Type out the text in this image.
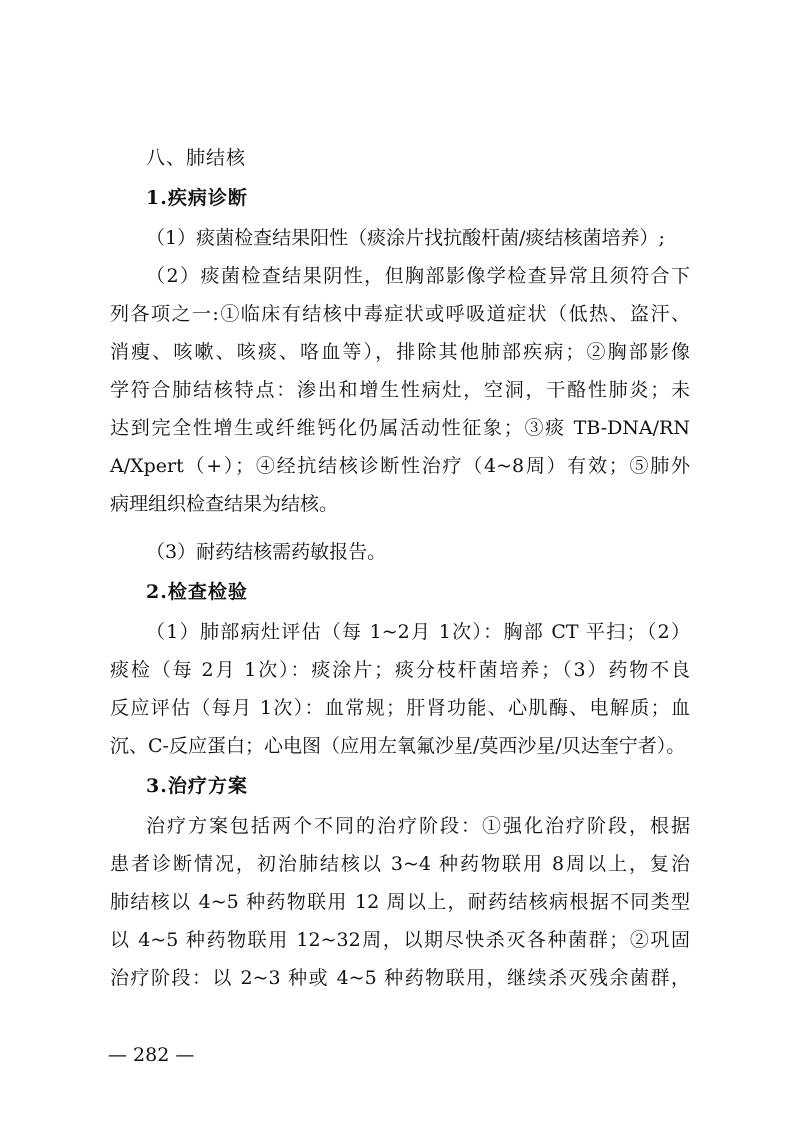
八、肺结核
1.疾病诊断
（1）痰菌检查结果阳性（痰涂片找抗酸杆菌/痰结核菌培养）;
（2）痰菌检查结果阴性，但胸部影像学检查异常且须符合下
列各项之一:①临床有结核中毒症状或呼吸道症状（低热、盗汗、
消瘦、咳嗽、咳痰、咯血等），排除其他肺部疾病；②胸部影像
学符合肺结核特点：渗出和增生性病灶，空洞，干酪性肺炎；未
达到完全性增生或纤维钙化仍属活动性征象；③痰 TB-DNA/RN
A/Xpert（+）；④经抗结核诊断性治疗（4~8周）有效；⑤肺外
病理组织检查结果为结核。
（3）耐药结核需药敏报告。
2.检查检验
（1）肺部病灶评估（每 1~2月 1次）：胸部 CT 平扫；（2）
痰检（每 2月 1次）：痰涂片；痰分枝杆菌培养；（3）药物不良
反应评估（每月 1次）：血常规；肝肾功能、心肌酶、电解质；血
沉、C-反应蛋白；心电图（应用左氧氟沙星/莫西沙星/贝达奎宁者）。
3.治疗方案
治疗方案包括两个不同的治疗阶段：①强化治疗阶段，根据
患者诊断情况，初治肺结核以 3~4 种药物联用 8周以上，复治
肺结核以 4~5 种药物联用 12 周以上，耐药结核病根据不同类型
以 4~5 种药物联用 12~32周，以期尽快杀灭各种菌群；②巩固
治疗阶段：以 2~3 种或 4~5 种药物联用，继续杀灭残余菌群，
— 282 —
